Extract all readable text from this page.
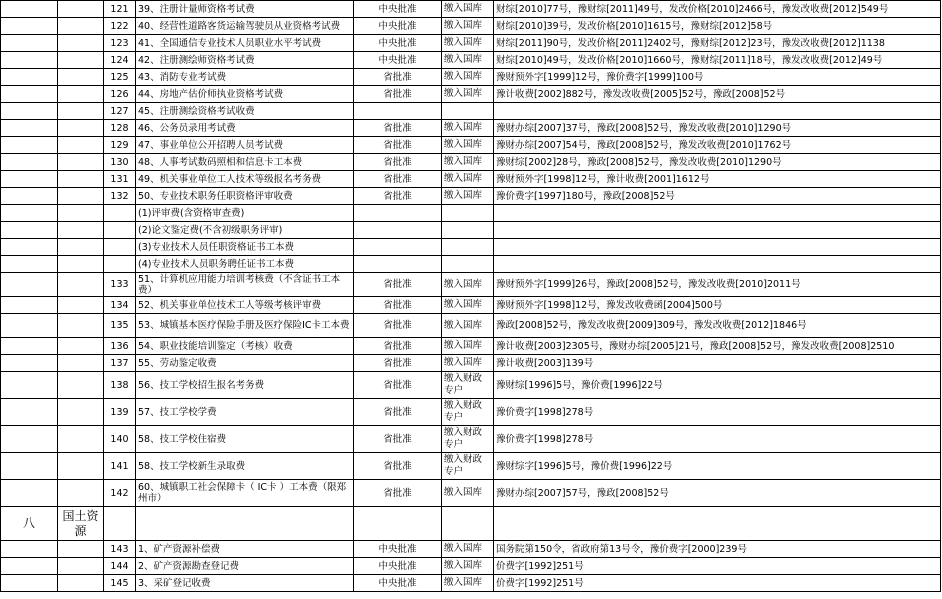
		121	39、注册计量师资格考试费	中央批准	缴入国库	财综[2010]77号，豫财综[2011]49号，发改价格[2010]2466号，豫发改收费[2012]549号
		122	40、经营性道路客货运输驾驶员从业资格考试费	中央批准	缴入国库	财综[2010]39号，发改价格[2010]1615号，豫财综[2012]58号
		123	41、全国通信专业技术人员职业水平考试费	中央批准	缴入国库	财综[2011]90号，发改价格[2011]2402号，豫财综[2012]23号，豫发改收费[2012]1138
		124	42、注册测绘师资格考试费	中央批准	缴入国库	财综[2010]49号，发改价格[2010]1660号，豫财综[2011]18号，豫发改收费[2012]49号
		125	43、消防专业考试费	省批准	缴入国库	豫财预外字[1999]12号，豫价费字[1999]100号
		126	44、房地产估价师执业资格考试费	省批准	缴入国库	豫计收费[2002]882号，豫发改收费[2005]52号，豫政[2008]52号
		127	45、注册测绘资格考试收费			
		128	46、公务员录用考试费	省批准	缴入国库	豫财办综[2007]37号，豫政[2008]52号，豫发改收费[2010]1290号
		129	47、事业单位公开招聘人员考试费	省批准	缴入国库	豫财办综[2007]54号，豫政[2008]52号，豫发改收费[2010]1762号
		130	48、人事考试数码照相和信息卡工本费	省批准	缴入国库	豫财综[2002]28号，豫政[2008]52号，豫发改收费[2010]1290号
		131	49、机关事业单位工人技术等级报名考务费	省批准	缴入国库	豫财预外字[1998]12号，豫计收费[2001]1612号
		132	50、专业技术职务任职资格评审收费	省批准	缴入国库	豫价费字[1997]180号，豫政[2008]52号
			(1)评审费(含资格审查费)			
			(2)论文鉴定费(不含初级职务评审)			
			(3)专业技术人员任职资格证书工本费			
			(4)专业技术人员职务聘任证书工本费			
		133	51、计算机应用能力培训考核费（不含证书工本费）	省批准	缴入国库	豫财预外字[1999]26号，豫政[2008]52号，豫发改收费[2010]2011号
		134	52、机关事业单位技术工人等级考核评审费	省批准	缴入国库	豫财预外字[1998]12号，豫发改收费函[2004]500号
		135	53、城镇基本医疗保险手册及医疗保险IC卡工本费	省批准	缴入国库	豫政[2008]52号，豫发改收费[2009]309号，豫发改收费[2012]1846号
		136	54、职业技能培训鉴定（考核）收费	省批准	缴入国库	豫计收费[2003]2305号，豫财办综[2005]21号，豫政[2008]52号，豫发改收费[2008]2510
		137	55、劳动鉴定收费	省批准	缴入国库	豫计收费[2003]139号
		138	56、技工学校招生报名考务费	省批准	缴入财政专户	豫财综[1996]5号，豫价费[1996]22号
		139	57、技工学校学费	省批准	缴入财政专户	豫价费字[1998]278号
		140	58、技工学校住宿费	省批准	缴入财政专户	豫价费字[1998]278号
		141	58、技工学校新生录取费	省批准	缴入财政专户	豫财综字[1996]5号，豫价费[1996]22号
		142	60、城镇职工社会保障卡（ IC卡 ）工本费（限郑州市）	省批准	缴入国库	豫财办综[2007]57号，豫政[2008]52号
八	国土资源					
		143	1、矿产资源补偿费	中央批准	缴入国库	国务院第150令，省政府第13号令，豫价费字[2000]239号
		144	2、矿产资源勘查登记费	中央批准	缴入国库	价费字[1992]251号
		145	3、采矿登记收费	中央批准	缴入国库	价费字[1992]251号
